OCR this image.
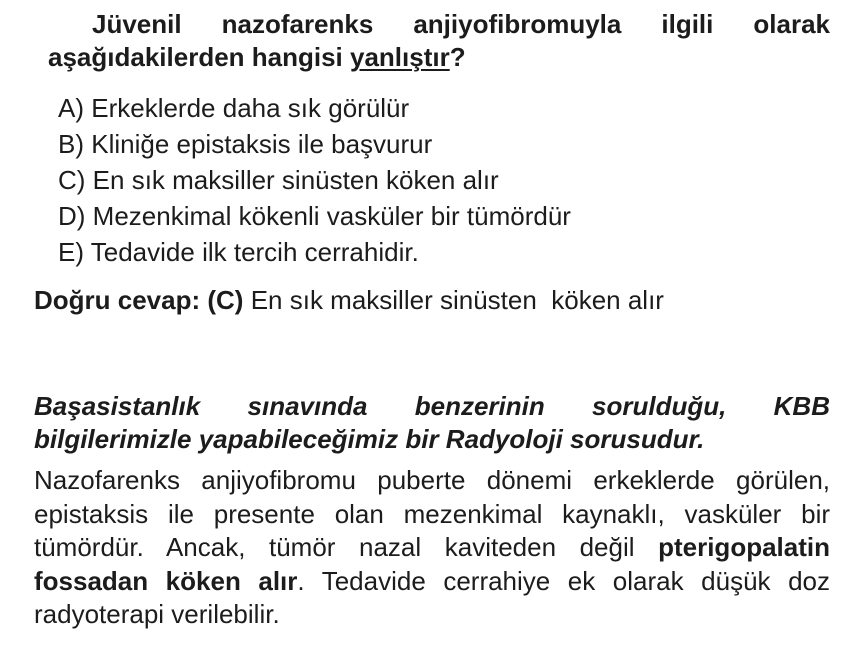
Jüvenil nazofarenks anjiyofibromuyla ilgili olarak aşağıdakilerden hangisi yanlıştır?
A) Erkeklerde daha sık görülür
B) Kliniğe epistaksis ile başvurur
C) En sık maksiller sinüsten köken alır
D) Mezenkimal kökenli vasküler bir tümördür
E) Tedavide ilk tercih cerrahidir.
Doğru cevap: (C) En sık maksiller sinüsten  köken alır
Başasistanlık sınavında benzerinin sorulduğu, KBB bilgilerimizle yapabileceğimiz bir Radyoloji sorusudur.
Nazofarenks anjiyofibromu puberte dönemi erkeklerde görülen, epistaksis ile presente olan mezenkimal kaynaklı, vasküler bir tümördür. Ancak, tümör nazal kaviteden değil pterigopalatin fossadan köken alır. Tedavide cerrahiye ek olarak düşük doz radyoterapi verilebilir.
